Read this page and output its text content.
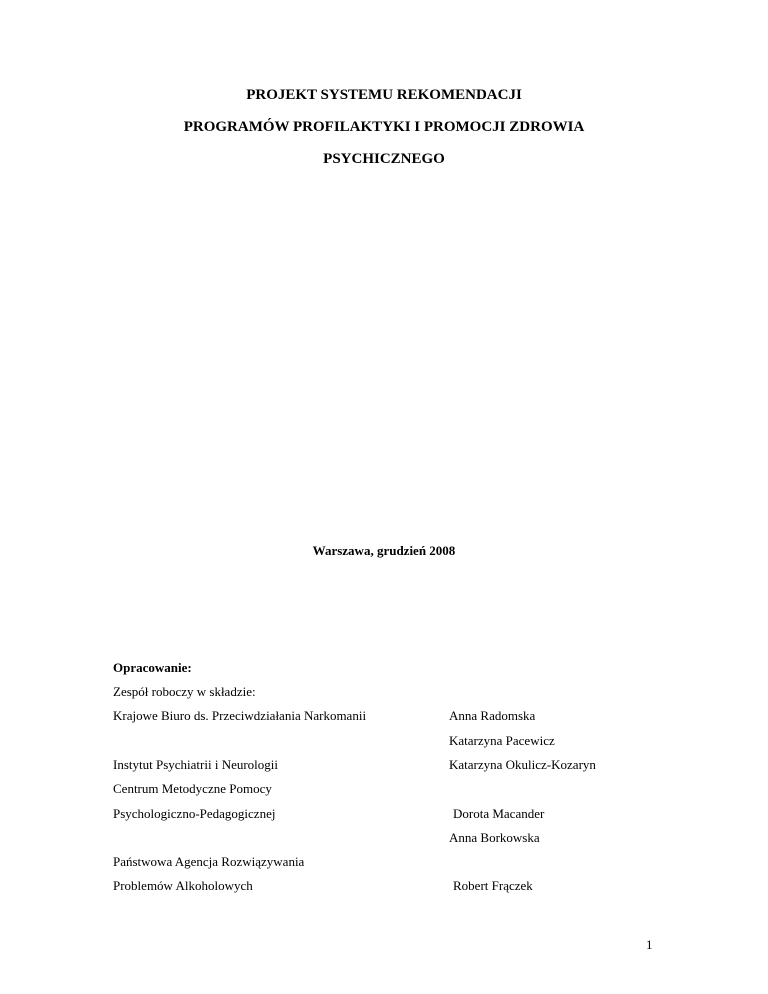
PROJEKT SYSTEMU REKOMENDACJI
PROGRAMÓW PROFILAKTYKI I PROMOCJI ZDROWIA
PSYCHICZNEGO
Warszawa, grudzień 2008
Opracowanie:
Zespół roboczy w składzie:
Krajowe Biuro ds. Przeciwdziałania Narkomanii	Anna Radomska
Katarzyna Pacewicz
Instytut Psychiatrii i Neurologii	Katarzyna Okulicz-Kozaryn
Centrum Metodyczne Pomocy
Psychologiczno-Pedagogicznej	Dorota Macander
Anna Borkowska
Państwowa Agencja Rozwiązywania
Problemów Alkoholowych	Robert Frączek
1
